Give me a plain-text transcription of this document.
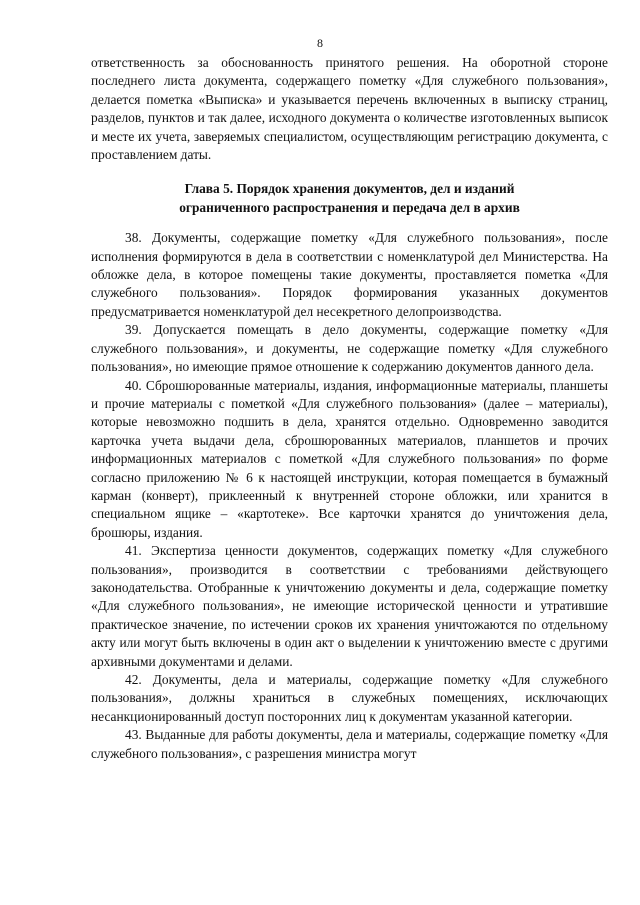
8

ответственность за обоснованность принятого решения. На оборотной стороне последнего листа документа, содержащего пометку «Для служебного пользования», делается пометка «Выписка» и указывается перечень включенных в выписку страниц, разделов, пунктов и так далее, исходного документа о количестве изготовленных выписок и месте их учета, заверяемых специалистом, осуществляющим регистрацию документа, с проставлением даты.

Глава 5. Порядок хранения документов, дел и изданий
ограниченного распространения и передача дел в архив

38. Документы, содержащие пометку «Для служебного пользования», после исполнения формируются в дела в соответствии с номенклатурой дел Министерства. На обложке дела, в которое помещены такие документы, проставляется пометка «Для служебного пользования». Порядок формирования указанных документов предусматривается номенклатурой дел несекретного делопроизводства.

39. Допускается помещать в дело документы, содержащие пометку «Для служебного пользования», и документы, не содержащие пометку «Для служебного пользования», но имеющие прямое отношение к содержанию документов данного дела.

40. Сброшюрованные материалы, издания, информационные материалы, планшеты и прочие материалы с пометкой «Для служебного пользования» (далее – материалы), которые невозможно подшить в дела, хранятся отдельно. Одновременно заводится карточка учета выдачи дела, сброшюрованных материалов, планшетов и прочих информационных материалов с пометкой «Для служебного пользования» по форме согласно приложению № 6 к настоящей инструкции, которая помещается в бумажный карман (конверт), приклеенный к внутренней стороне обложки, или хранится в специальном ящике – «картотеке». Все карточки хранятся до уничтожения дела, брошюры, издания.

41. Экспертиза ценности документов, содержащих пометку «Для служебного пользования», производится в соответствии с требованиями действующего законодательства. Отобранные к уничтожению документы и дела, содержащие пометку «Для служебного пользования», не имеющие исторической ценности и утратившие практическое значение, по истечении сроков их хранения уничтожаются по отдельному акту или могут быть включены в один акт о выделении к уничтожению вместе с другими архивными документами и делами.

42. Документы, дела и материалы, содержащие пометку «Для служебного пользования», должны храниться в служебных помещениях, исключающих несанкционированный доступ посторонних лиц к документам указанной категории.

43. Выданные для работы документы, дела и материалы, содержащие пометку «Для служебного пользования», с разрешения министра могут
